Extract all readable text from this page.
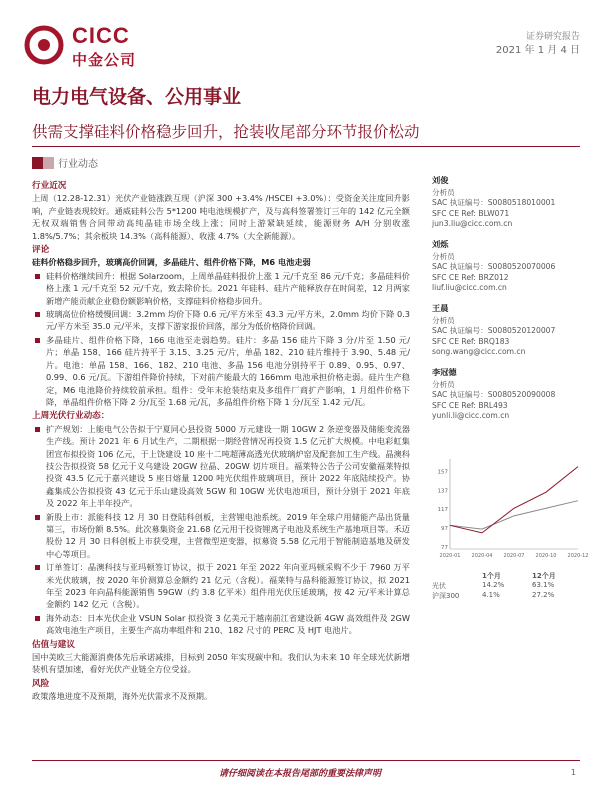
CICC
中金公司
证券研究报告
2021 年 1 月 4 日
电力电气设备、公用事业
供需支撑硅料价格稳步回升，抢装收尾部分环节报价松动
行业动态
行业近况

上周（12.28-12.31）光伏产业链涨跌互现（沪深 300 +3.4% /HSCEI +3.0%）：受资金关注度回升影响，产业链表现较好。通威硅料公告 5*1200 吨电池规模扩产，及与高科签署签订三年的 142 亿元全额无权双端销售合同带动高纯晶硅市场全线上涨；同时上游紧缺延续，能源财务 A/H 分别收涨 1.8%/5.7%；其余板块 14.3%（高科能源）、收涨 4.7%（大全新能源）。

评论

硅料价格稳步回升，玻璃高价回调，多晶硅片、组件价格下降，M6 电池走弱

硅料价格继续回升：根据 Solarzoom，上周单晶硅料报价上涨 1 元/千克至 86 元/千克；多晶硅料价格上涨 1 元/千克至 52 元/千克，致去除价长。2021 年硅料、硅片产能释放存在时间差，12 月两家新增产能贡献企业稳份额影响价格，支撑硅料价格稳步回升。

玻璃高位价格缓慢回调：3.2mm 均价下降 0.6 元/平方米至 43.3 元/平方米，2.0mm 均价下降 0.3 元/平方米至 35.0 元/平米，支撑下游家报价回落，部分为低价格降价回调。

多晶硅片、组件价格下降，166 电池至走弱趋势。硅片：多晶 156 硅片下降 3 分/片至 1.50 元/片；单晶 158、166 硅片持平于 3.15、3.25 元/片，单晶 182、210 硅片维持于 3.90、5.48 元/片。电池：单晶 158、166、182、210 电池、多晶 156 电池分别持平于 0.89、0.95、0.97、0.99、0.6 元/瓦。下游组件降价持续，下对前产能最大的 166mm 电池承担价格走弱。硅片生产稳定，M6 电池降价持续较前承担。组件：受年末抢装结束及多组件厂商扩产影响，1 月组件价格下降，单晶组件价格下降 2 分/瓦至 1.68 元/瓦，多晶组件价格下降 1 分/瓦至 1.42 元/瓦。

上周光伏行业动态：

扩产规划：上能电气公告拟于宁夏同心县投资 5000 万元建设一期 10GW 2 条逆变器及储能变流器生产线。预计 2021 年 6 月试生产，二期根据一期经营情况再投资 1.5 亿元扩大规模。中电彩虹集团宣布拟投资 106 亿元，于上饶建设 10 座十二吨超薄高透光伏玻璃炉窑及配套加工生产线。晶澳科技公告拟投资 58 亿元于义乌建设 20GW 拉晶、20GW 切片项目。福莱特公告子公司安徽福莱特拟投资 43.5 亿元于嘉兴建设 5 座日熔量 1200 吨光伏组件玻璃项目，预计 2022 年底陆续投产。协鑫集成公告拟投资 43 亿元于乐山建设高效 5GW 和 10GW 光伏电池项目，预计分别于 2021 年底及 2022 年上半年投产。

新股上市：派能科技 12 月 30 日登陆科创板，主营锂电池系统。2019 年全球户用储能产品出货量第三，市场份额 8.5%。此次募集资金 21.68 亿元用于投资锂离子电池及系统生产基地项目等。禾迈股份 12 月 30 日科创板上市获受理，主营微型逆变器，拟募资 5.58 亿元用于智能制造基地及研发中心等项目。

订单签订：晶澳科技与亚玛顿签订协议，拟于 2021 年至 2022 年向亚玛顿采购不少于 7960 万平米光伏玻璃，按 2020 年价测算总金额约 21 亿元（含税）。福莱特与晶科能源签订协议，拟 2021 年至 2023 年向晶科能源销售 59GW（约 3.8 亿平米）组件用光伏压延玻璃，按 42 元/平米计算总金额约 142 亿元（含税）。

海外动态：日本光伏企业 VSUN Solar 拟投资 3 亿美元于越南前江省建设新 4GW 高效组件及 2GW 高效电池生产项目，主要生产高功率组件和 210、182 尺寸的 PERC 及 HJT 电池片。

估值与建议

国中美欧三大能源消费体先后承诺减排，目标到 2050 年实现碳中和。我们认为未来 10 年全球光伏新增装机有望加速，看好光伏产业链全方位受益。

风险

政策落地进度不及预期，海外光伏需求不及预期。

刘俊
分析员
SAC 执证编号：S0080518010001
SFC CE Ref: BLW071
jun3.liu@cicc.com.cn
刘烁
分析员
SAC 执证编号：S0080520070006
SFC CE Ref: BRZ012
liuf.liu@cicc.com.cn
王晨
分析员
SAC 执证编号：S0080520120007
SFC CE Ref: BRQ183
song.wang@cicc.com.cn
李冠德
分析员
SAC 执证编号：S0080520090008
SFC CE Ref: BRL493
yunli.li@cicc.com.cn
77
97
117
137
157
2020-01 2020-04 2020-07 2020-10 2020-12
1个月	12个月
光伏	14.2%	63.1%
沪深300	4.1%	27.2%
请仔细阅读在本报告尾部的重要法律声明	1
